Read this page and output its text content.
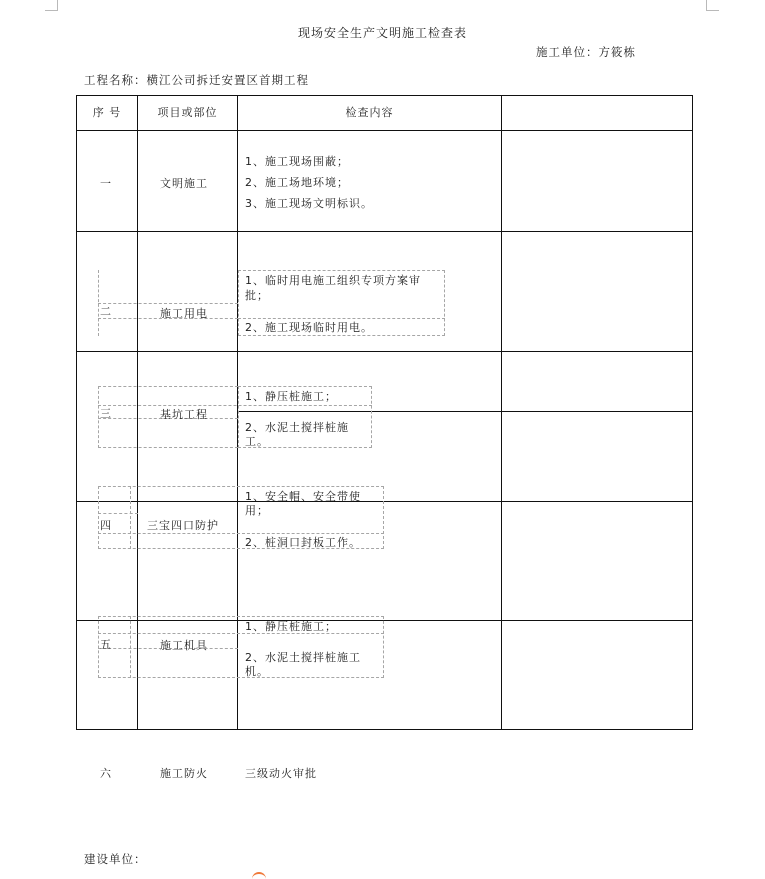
现场安全生产文明施工检查表
施工单位：方筱栋
工程名称：横江公司拆迁安置区首期工程
序 号	项目或部位	检查内容
一	文明施工
1、施工现场围蔽；
2、施工场地环境；
3、施工现场文明标识。
二	施工用电
1、临时用电施工组织专项方案审
批；
2、施工现场临时用电。
三	基坑工程
1、静压桩施工；
2、水泥土搅拌桩施
工。
四	三宝四口防护
1、安全帽、安全带使
用；
2、桩洞口封板工作。
五	施工机具
1、静压桩施工；
2、水泥土搅拌桩施工
机。
六	施工防火	三级动火审批
建设单位：
